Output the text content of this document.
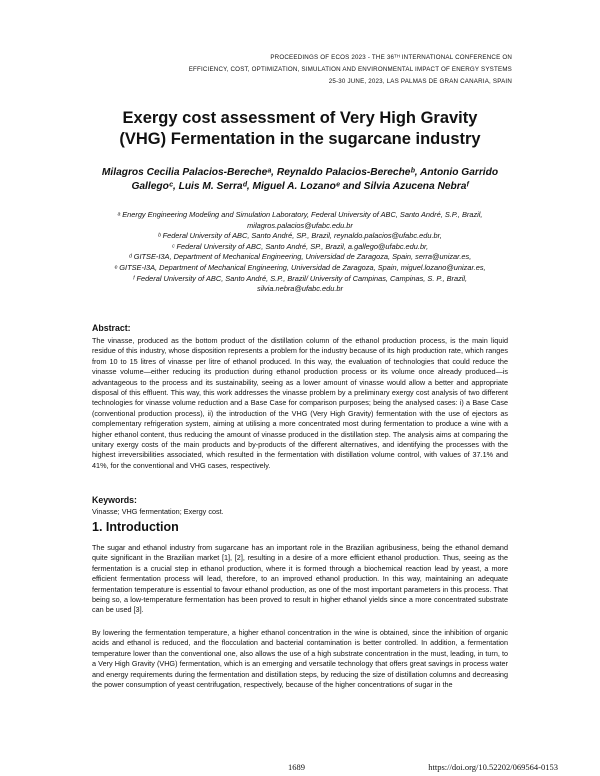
PROCEEDINGS OF ECOS 2023 - THE 36ᵀᴴ INTERNATIONAL CONFERENCE ON
EFFICIENCY, COST, OPTIMIZATION, SIMULATION AND ENVIRONMENTAL IMPACT OF ENERGY SYSTEMS
25-30 JUNE, 2023, LAS PALMAS DE GRAN CANARIA, SPAIN
Exergy cost assessment of Very High Gravity
(VHG) Fermentation in the sugarcane industry
Milagros Cecilia Palacios-Berecheᵃ, Reynaldo Palacios-Berecheᵇ, Antonio Garrido Gallegoᶜ, Luis M. Serraᵈ, Miguel A. Lozanoᵉ and Silvia Azucena Nebraᶠ

ᵃ Energy Engineering Modeling and Simulation Laboratory, Federal University of ABC, Santo André, S.P., Brazil, milagros.palacios@ufabc.edu.br

ᵇ Federal University of ABC, Santo André, SP., Brazil, reynaldo.palacios@ufabc.edu.br,

ᶜ Federal University of ABC, Santo André, SP., Brazil, a.gallego@ufabc.edu.br,

ᵈ GITSE-I3A, Department of Mechanical Engineering, Universidad de Zaragoza, Spain, serra@unizar.es,

ᵉ GITSE-I3A, Department of Mechanical Engineering, Universidad de Zaragoza, Spain, miguel.lozano@unizar.es,

ᶠ Federal University of ABC, Santo André, S.P., Brazil/ University of Campinas, Campinas, S. P., Brazil, silvia.nebra@ufabc.edu.br

Abstract:

The vinasse, produced as the bottom product of the distillation column of the ethanol production process, is the main liquid residue of this industry, whose disposition represents a problem for the industry because of its high production rate, which ranges from 10 to 15 litres of vinasse per litre of ethanol produced. In this way, the evaluation of technologies that could reduce the vinasse volume—either reducing its production during ethanol production process or its volume once already produced—is advantageous to the process and its sustainability, seeing as a lower amount of vinasse would allow a better and appropriate disposal of this effluent. This way, this work addresses the vinasse problem by a preliminary exergy cost analysis of two different technologies for vinasse volume reduction and a Base Case for comparison purposes; being the analysed cases: i) a Base Case (conventional production process), ii) the introduction of the VHG (Very High Gravity) fermentation with the use of ejectors as complementary refrigeration system, aiming at utilising a more concentrated most during fermentation to produce a wine with a higher ethanol content, thus reducing the amount of vinasse produced in the distillation step. The analysis aims at comparing the unitary exergy costs of the main products and by-products of the different alternatives, and identifying the processes with the highest irreversibilities associated, which resulted in the fermentation with distillation volume control, with values of 37.1% and 41%, for the conventional and VHG cases, respectively.

Keywords:

Vinasse; VHG fermentation; Exergy cost.

1. Introduction

The sugar and ethanol industry from sugarcane has an important role in the Brazilian agribusiness, being the ethanol demand quite significant in the Brazilian market [1], [2], resulting in a desire of a more efficient ethanol production. Thus, seeing as the fermentation is a crucial step in ethanol production, where it is formed through a biochemical reaction lead by yeast, a more efficient fermentation process will lead, therefore, to an improved ethanol production. In this way, maintaining an adequate fermentation temperature is essential to favour ethanol production, as one of the most important parameters in this process. That being so, a low-temperature fermentation has been proved to result in higher ethanol yields since a more concentrated substrate can be used [3].

By lowering the fermentation temperature, a higher ethanol concentration in the wine is obtained, since the inhibition of organic acids and ethanol is reduced, and the flocculation and bacterial contamination is better controlled. In addition, a fermentation temperature lower than the conventional one, also allows the use of a high substrate concentration in the must, leading, in turn, to a Very High Gravity (VHG) fermentation, which is an emerging and versatile technology that offers great savings in process water and energy requirements during the fermentation and distillation steps, by reducing the size of distillation columns and decreasing the power consumption of yeast centrifugation, respectively, because of the higher concentrations of sugar in the

1689	https://doi.org/10.52202/069564-0153
